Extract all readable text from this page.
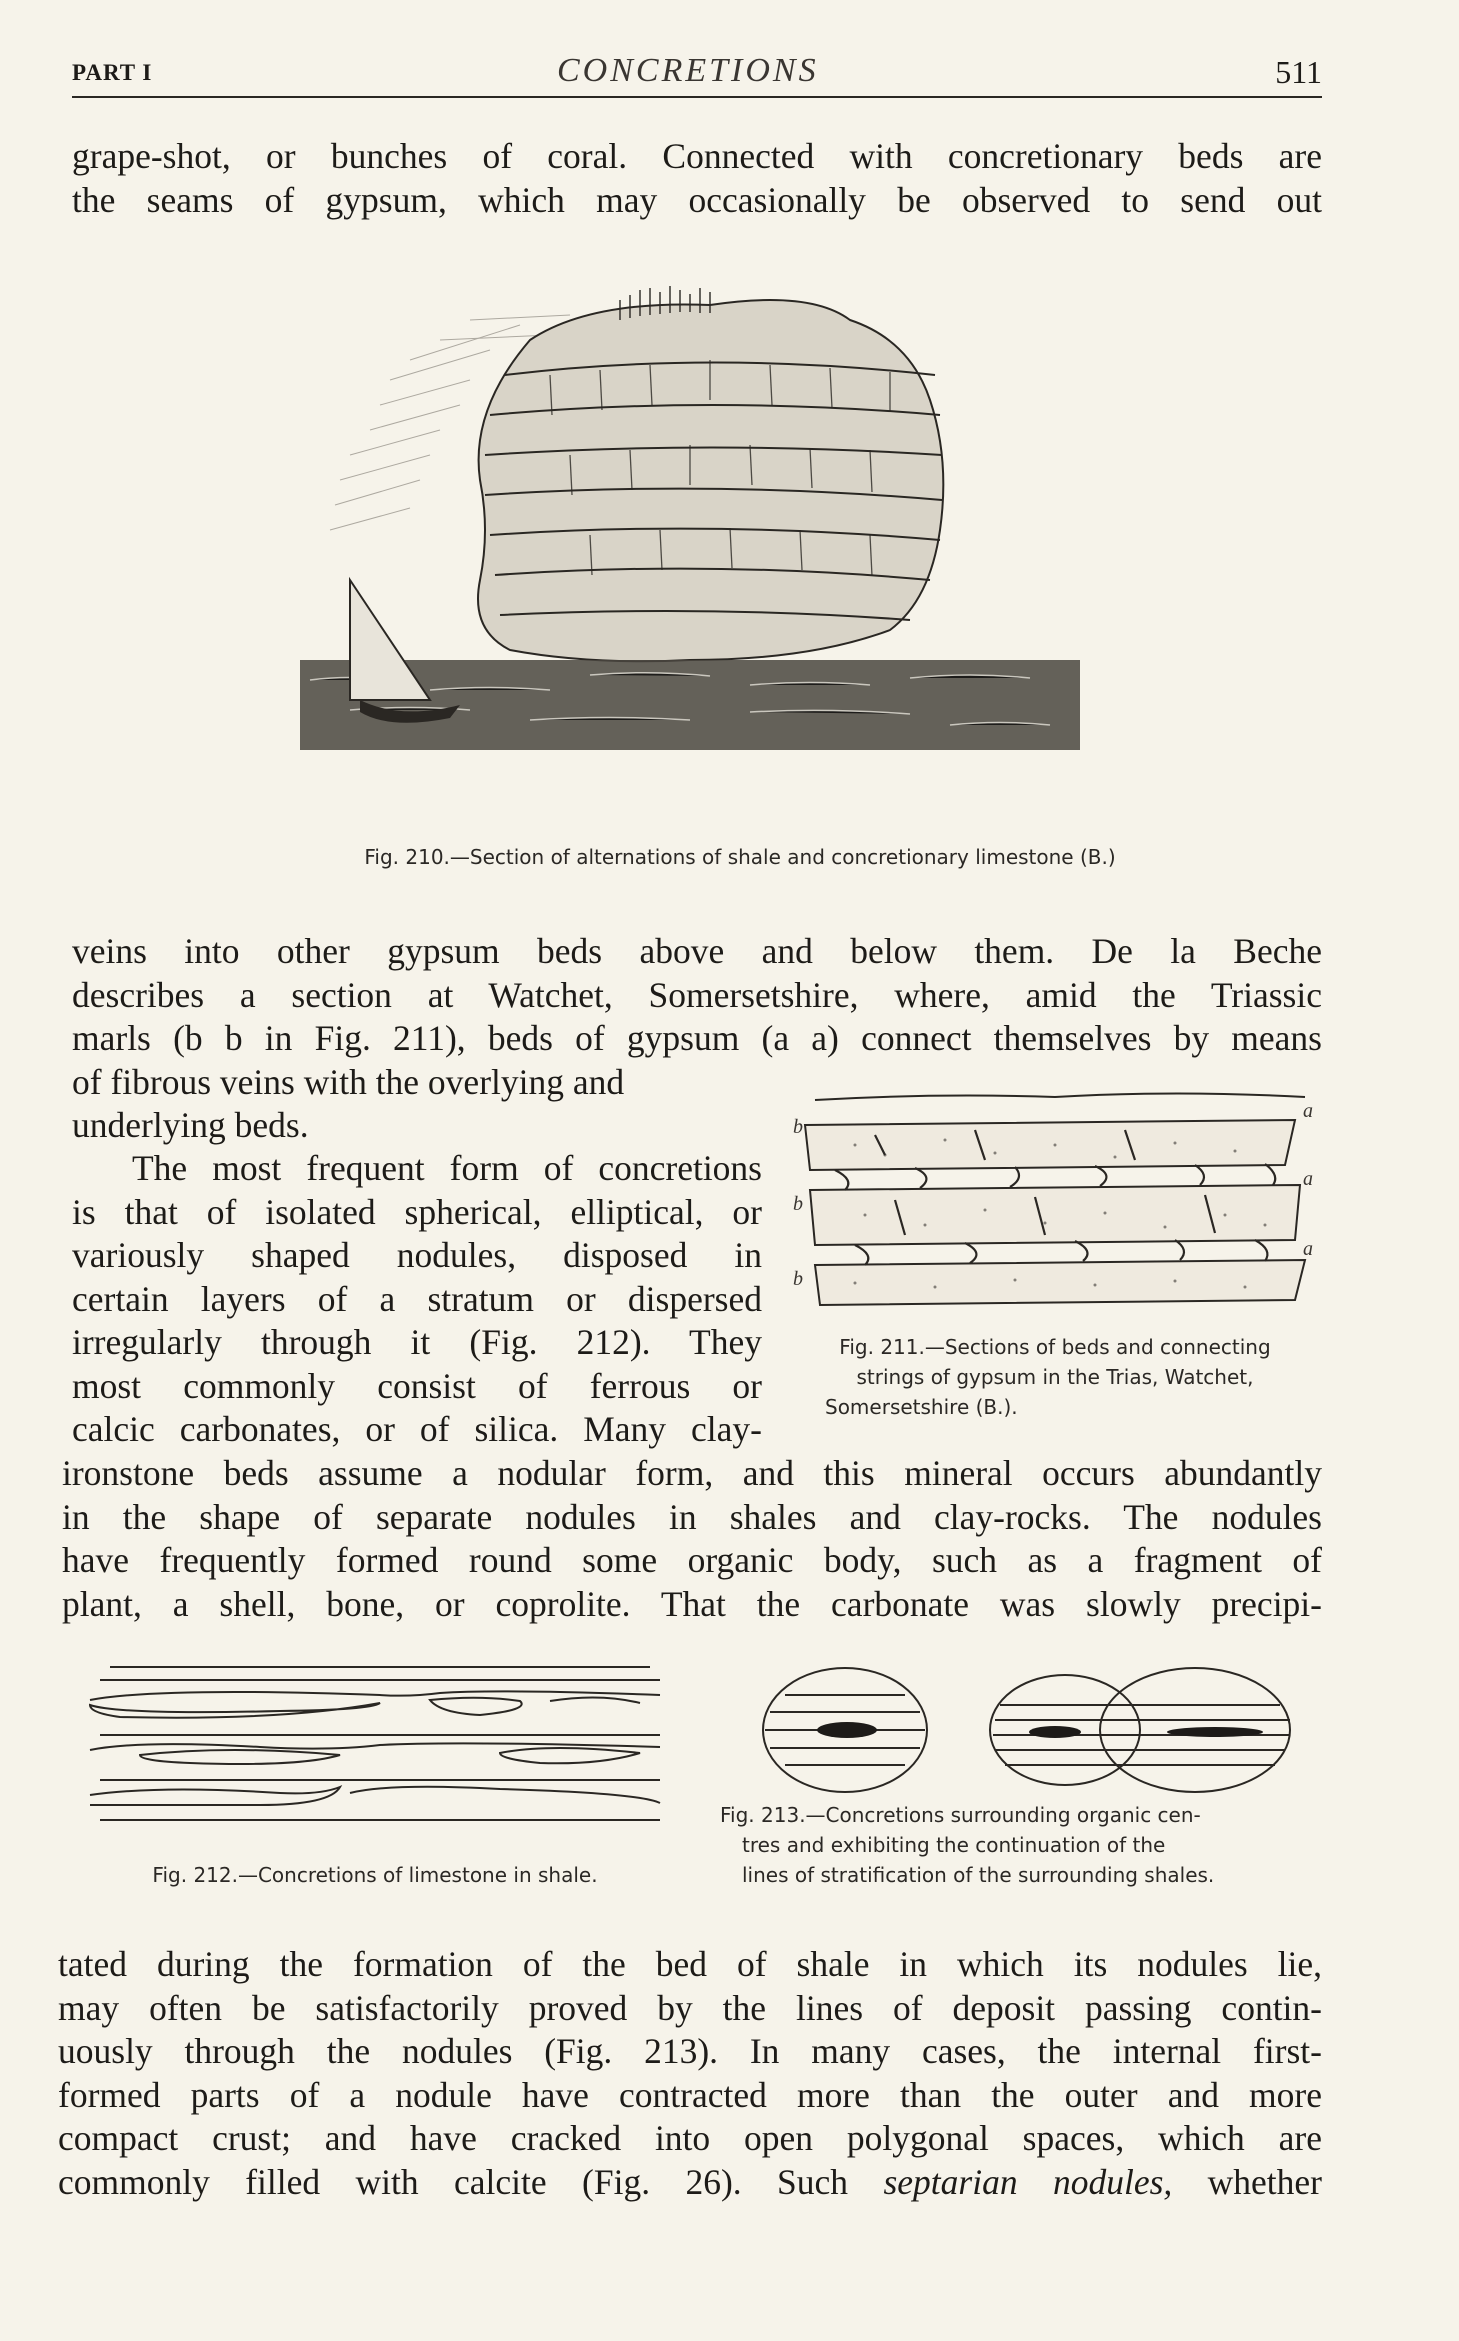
PART I	CONCRETIONS	511
grape-shot, or bunches of coral. Connected with concretionary beds are
the seams of gypsum, which may occasionally be observed to send out
Fig. 210.—Section of alternations of shale and concretionary limestone (B.)
veins into other gypsum beds above and below them. De la Beche
describes a section at Watchet, Somersetshire, where, amid the Triassic
marls (b b in Fig. 211), beds of gypsum (a a) connect themselves by means
of fibrous veins with the overlying and
underlying beds.
The most frequent form of concretions
is that of isolated spherical, elliptical, or
variously shaped nodules, disposed in
certain layers of a stratum or dispersed
irregularly through it (Fig. 212). They
most commonly consist of ferrous or
calcic carbonates, or of silica. Many clay-
b
b
b
a
a
a
Fig. 211.—Sections of beds and connecting
strings of gypsum in the Trias, Watchet,
Somersetshire (B.).
ironstone beds assume a nodular form, and this mineral occurs abundantly
in the shape of separate nodules in shales and clay-rocks. The nodules
have frequently formed round some organic body, such as a fragment of
plant, a shell, bone, or coprolite. That the carbonate was slowly precipi-
Fig. 212.—Concretions of limestone in shale.
Fig. 213.—Concretions surrounding organic cen-
tres and exhibiting the continuation of the
lines of stratification of the surrounding shales.
tated during the formation of the bed of shale in which its nodules lie,
may often be satisfactorily proved by the lines of deposit passing contin-
uously through the nodules (Fig. 213). In many cases, the internal first-
formed parts of a nodule have contracted more than the outer and more
compact crust; and have cracked into open polygonal spaces, which are
commonly filled with calcite (Fig. 26). Such septarian nodules, whether
